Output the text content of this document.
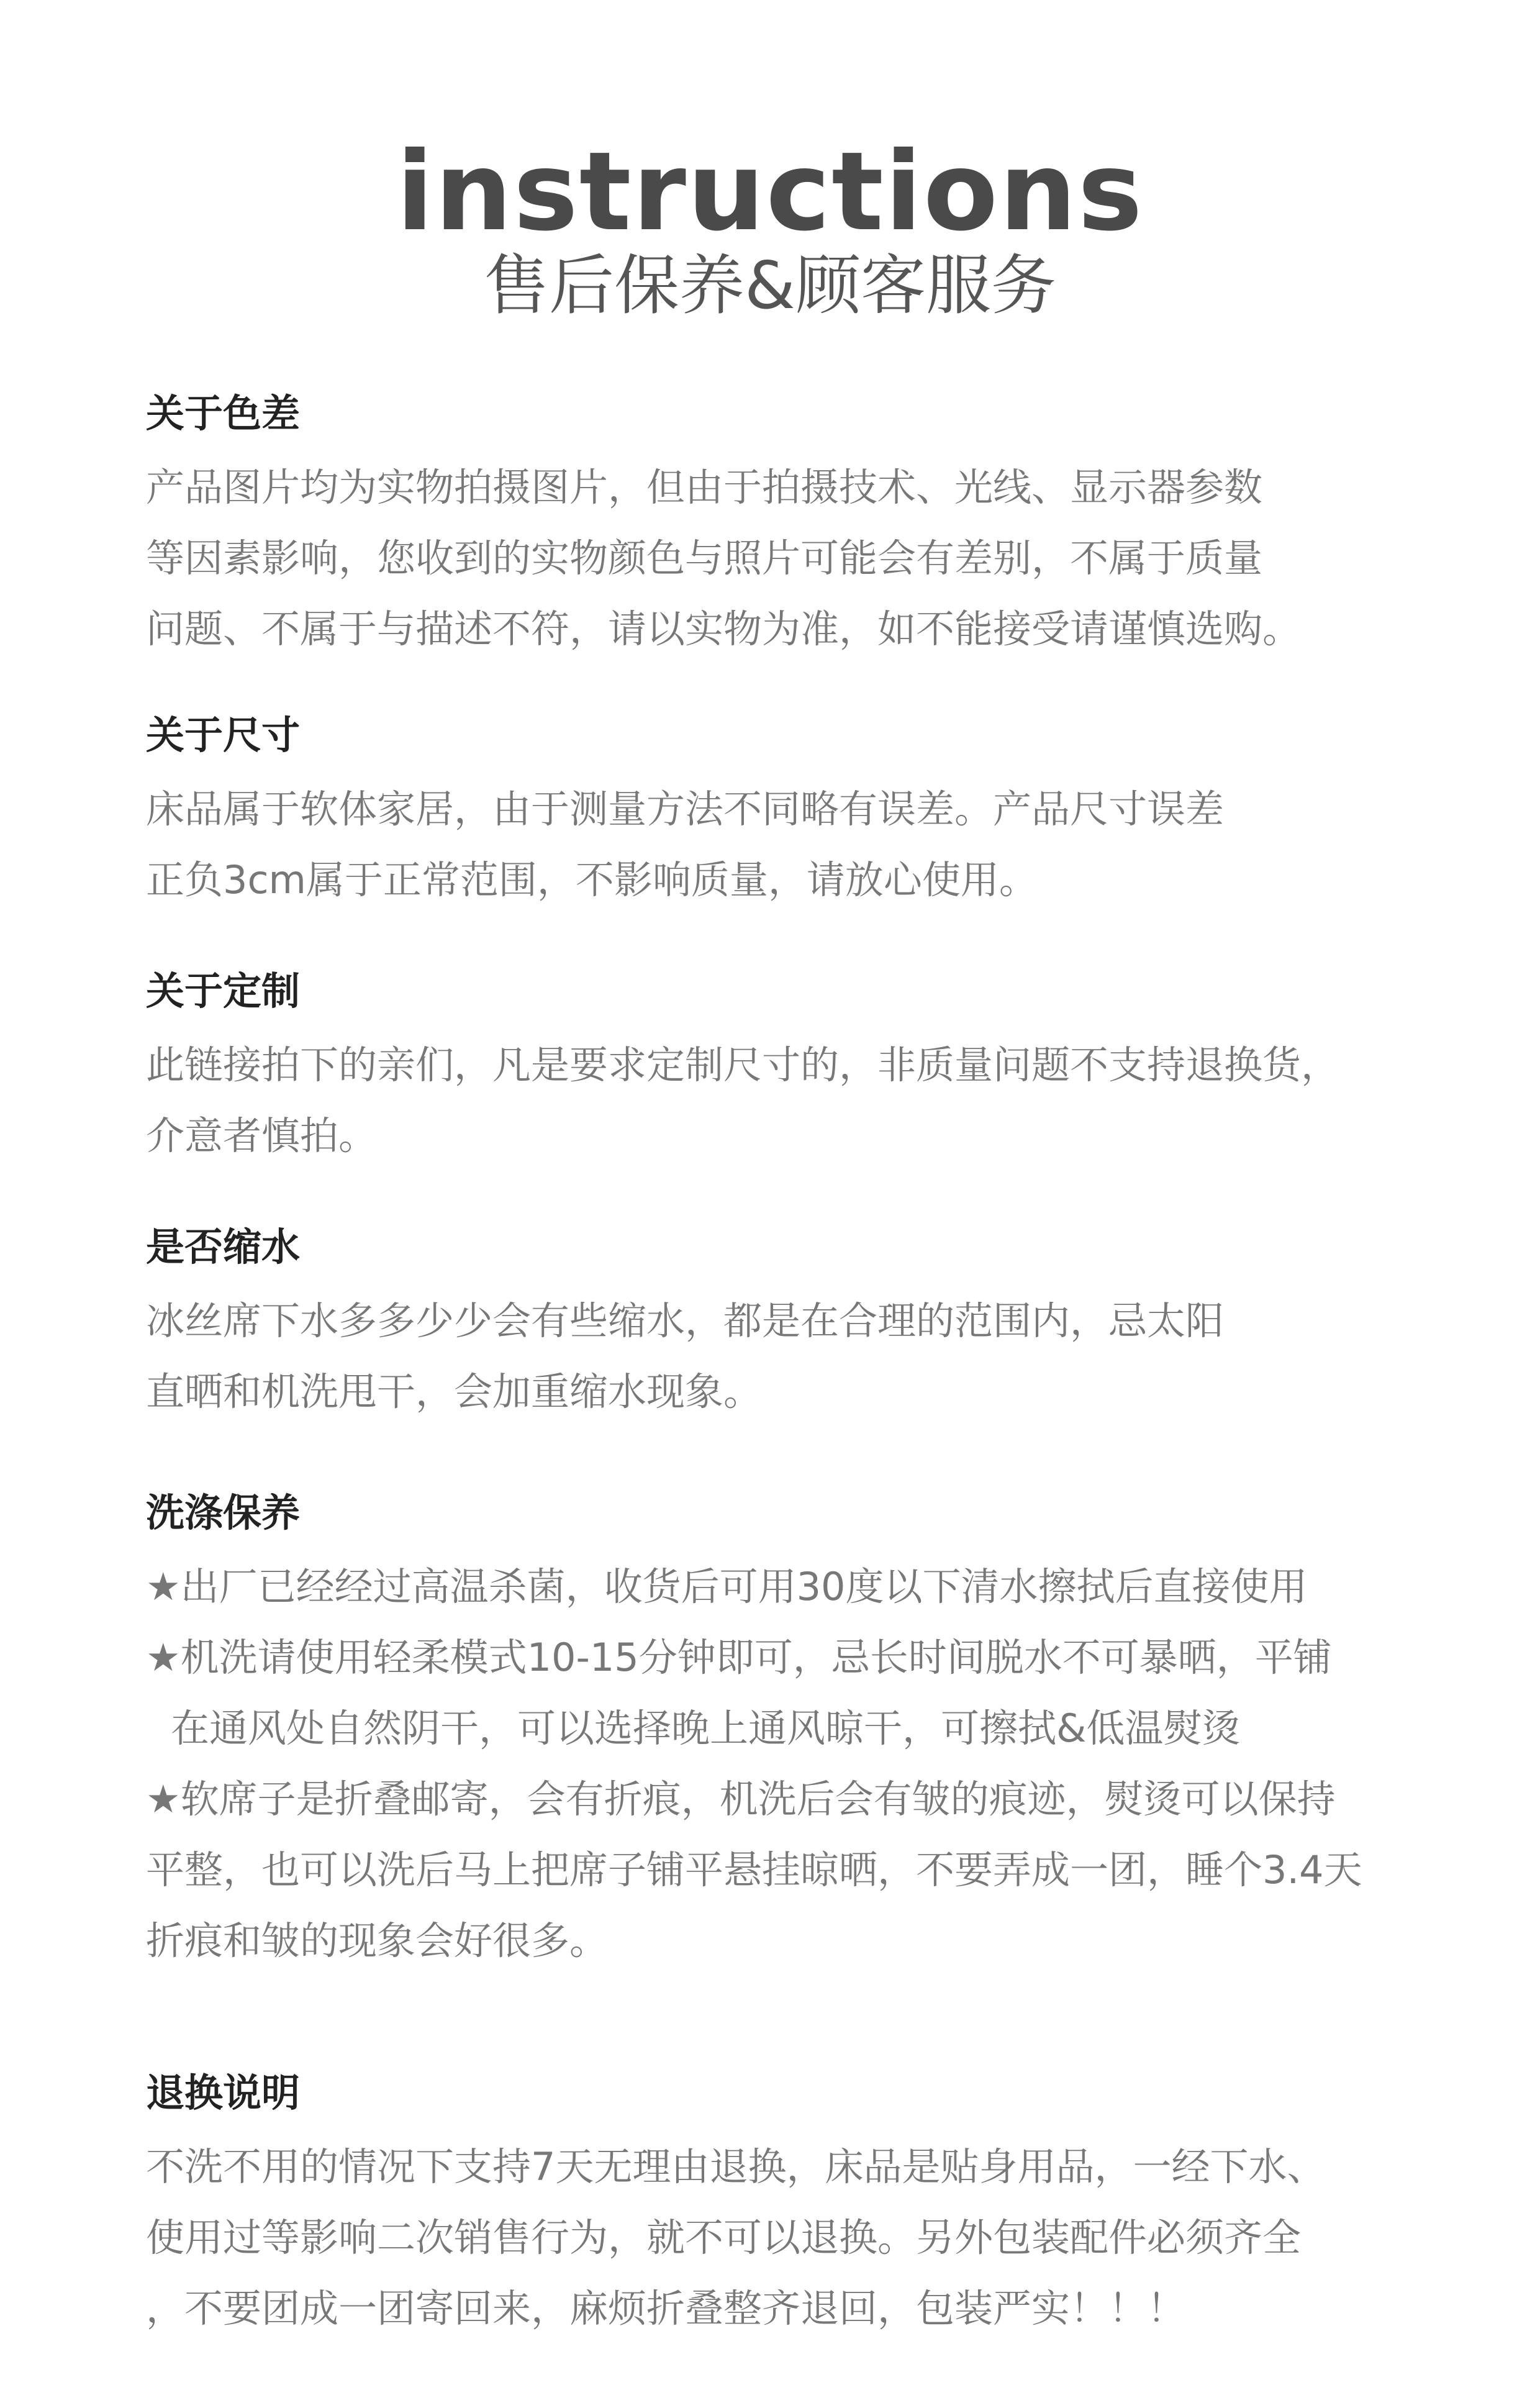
instructions
售后保养&顾客服务
关于色差
产品图片均为实物拍摄图片，但由于拍摄技术、光线、显示器参数
等因素影响，您收到的实物颜色与照片可能会有差别，不属于质量
问题、不属于与描述不符，请以实物为准，如不能接受请谨慎选购。
关于尺寸
床品属于软体家居，由于测量方法不同略有误差。产品尺寸误差
正负3cm属于正常范围，不影响质量，请放心使用。
关于定制
此链接拍下的亲们，凡是要求定制尺寸的，非质量问题不支持退换货，
介意者慎拍。
是否缩水
冰丝席下水多多少少会有些缩水，都是在合理的范围内，忌太阳
直晒和机洗甩干，会加重缩水现象。
洗涤保养
★出厂已经经过高温杀菌，收货后可用30度以下清水擦拭后直接使用
★机洗请使用轻柔模式10-15分钟即可，忌长时间脱水不可暴晒，平铺
在通风处自然阴干，可以选择晚上通风晾干，可擦拭&低温熨烫
★软席子是折叠邮寄，会有折痕，机洗后会有皱的痕迹，熨烫可以保持
平整，也可以洗后马上把席子铺平悬挂晾晒，不要弄成一团，睡个3.4天
折痕和皱的现象会好很多。
退换说明
不洗不用的情况下支持7天无理由退换，床品是贴身用品，一经下水、
使用过等影响二次销售行为，就不可以退换。另外包装配件必须齐全
，不要团成一团寄回来，麻烦折叠整齐退回，包装严实！！！
